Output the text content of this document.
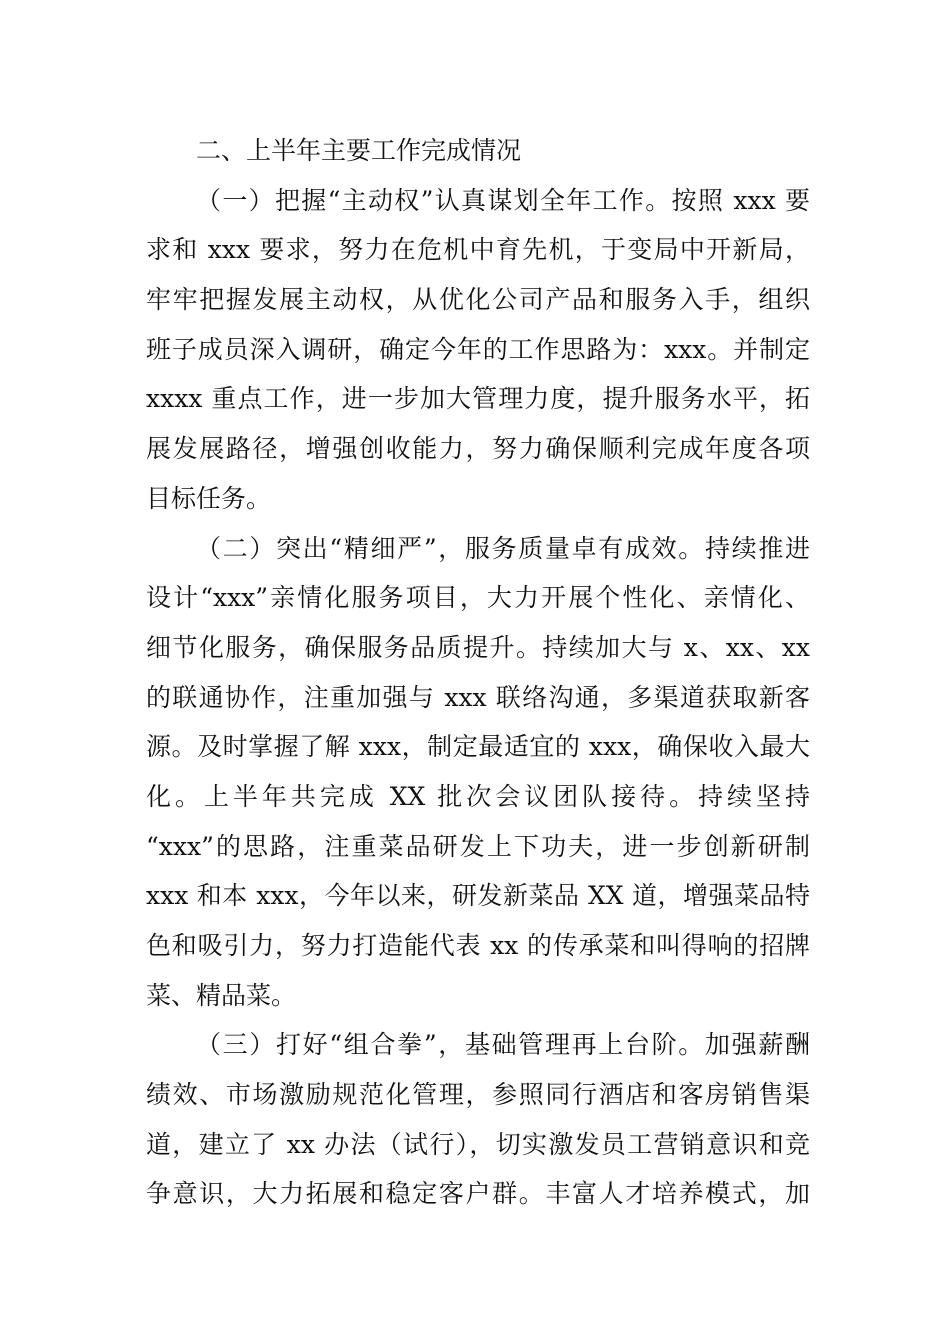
二、上半年主要工作完成情况
（一）把握“主动权”认真谋划全年工作。按照 xxx 要
求和 xxx 要求，努力在危机中育先机，于变局中开新局，
牢牢把握发展主动权，从优化公司产品和服务入手，组织
班子成员深入调研，确定今年的工作思路为：xxx。并制定
xxxx 重点工作，进一步加大管理力度，提升服务水平，拓
展发展路径，增强创收能力，努力确保顺利完成年度各项
目标任务。
（二）突出“精细严”，服务质量卓有成效。持续推进
设计“xxx”亲情化服务项目，大力开展个性化、亲情化、
细节化服务，确保服务品质提升。持续加大与 x、xx、xx
的联通协作，注重加强与 xxx 联络沟通，多渠道获取新客
源。及时掌握了解 xxx，制定最适宜的 xxx，确保收入最大
化。上半年共完成 XX 批次会议团队接待。持续坚持
“xxx”的思路，注重菜品研发上下功夫，进一步创新研制
xxx 和本 xxx，今年以来，研发新菜品 XX 道，增强菜品特
色和吸引力，努力打造能代表 xx 的传承菜和叫得响的招牌
菜、精品菜。
（三）打好“组合拳”，基础管理再上台阶。加强薪酬
绩效、市场激励规范化管理，参照同行酒店和客房销售渠
道，建立了 xx 办法（试行），切实激发员工营销意识和竞
争意识，大力拓展和稳定客户群。丰富人才培养模式，加
